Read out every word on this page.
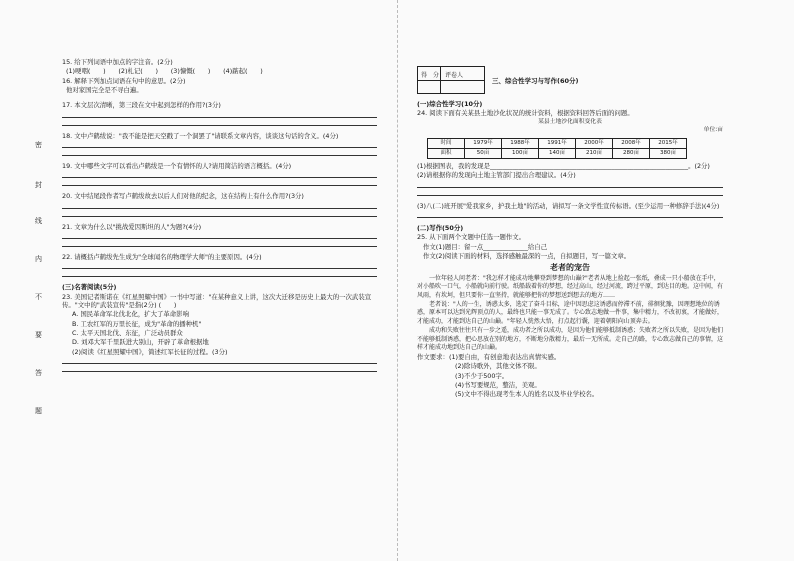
密
封
线
内
不
要
答
题
15. 给下列词语中加点的字注音。(2分)
(1)哽咽(　　)　　(2)札记(　　)　　(3)慷慨(　　)　　(4)踮起(　　)
16. 解释下列加点词语在句中的意思。(2分)
他对家国完全是不寻白遍。
17. 本文层次清晰，第三段在文中起到怎样的作用?(3分)
18. 文中卢鹤绂说："我不能是把天空戳了一个洞罢了"请联系文章内容，谈谈这句话的含义。(4分)
19. 文中哪些文字可以看出卢鹤绂是一个有情怀的人?请用简洁的语言概括。(4分)
20. 文中结尾段作者写卢鹤绂故去以后人们对他的纪念，这在结构上有什么作用?(3分)
21. 文章为什么以"挑战爱因斯坦的人"为题?(4分)
22. 请概括卢鹤绂先生成为"全球闻名的物理学大师"的主要原因。(4分)
(三)名著阅读(5分)
23. 美国记者斯诺在《红星照耀中国》一书中写道："在某种意义上讲，这次大迁移是历史上最大的一次武装宣传。"文中的"武装宣传"是指(2分) (　　)
A. 国民革命军北伐北化，扩大了革命影响
B. 工农红军的万里长征，成为"革命的播种机"
C. 太平天国北伐、东征，广泛动员群众
D. 刘邓大军千里跃进大别山，开辟了革命根据地
(2)阅读《红星照耀中国》，简述红军长征的过程。(3分)
得　分 评卷人
三、综合性学习与写作(60分)
(一)综合性学习(10分)
24. 阅读下面有关某县土地沙化状况的统计资料，根据资料回答后面的问题。
某县土地沙化面积变化表
单位:亩
时间	1979年	1988年	1991年	2000年	2008年	2015年
面积	50亩	100亩	140亩	210亩	280亩	380亩
(1)根据图表，我的发现是______________________________________________________________。(2分)
(2)请根据你的发现向土地主管部门提出合理建议。(4分)
(3)八(二)班开展"爱我家乡，护我土地"的活动，请拟写一条文学性宣传标语。(至少运用一种修辞手法)(4分)
(二)写作(50分)
25. 从下面两个文题中任选一题作文。
作文(1)题目：留一点______________给自己
作文(2)阅读下面的材料，选择感触最深的一点，自拟题目，写一篇文章。
老者的宠告
一位年轻人问老者："我怎样才能成功地攀登到梦想的山巅?"老者从地上捡起一张纸，叠成一只小船放在手中，对小船吹一口气，小船就向前行驶。纸船载着你的梦想，经过高山，经过河流，跨过平原，到达目的地。这中间，有风雨，有坎坷，但只要你一直坚持，就能够把你的梦想送到想去的地方……
老者说："人的一生，诱惑太多，选定了奋斗目标，途中因思虑这诱惑而停滞不前，徘徊犹豫，因理想地位的诱惑，原本可以达到光辉顶点的人，最终也只能一事无成了。专心致志地做一件事，集中精力，不改初衷，才能做好，才能成功，才能到达自己的山巅。"年轻人恍然大悟，打点起行囊，迎着朝阳向山顶奔去。
成功和失败往往只有一步之遥，成功者之所以成功，是因为他们能够抵制诱惑；失败者之所以失败，是因为他们不能够抵制诱惑，把心思放在别的地方，不断地分散精力，最后一无所成。走自己的路，专心致志做自己的事情，这样才能成功地到达自己的山巅。
作文要求：(1)要自由，有创意地表达出真情实感。
(2)除诗歌外，其他文体不限。
(3)不少于500字。
(4)书写要规范，整洁，美观。
(5)文中不得出现考生本人的姓名以及毕业学校名。
